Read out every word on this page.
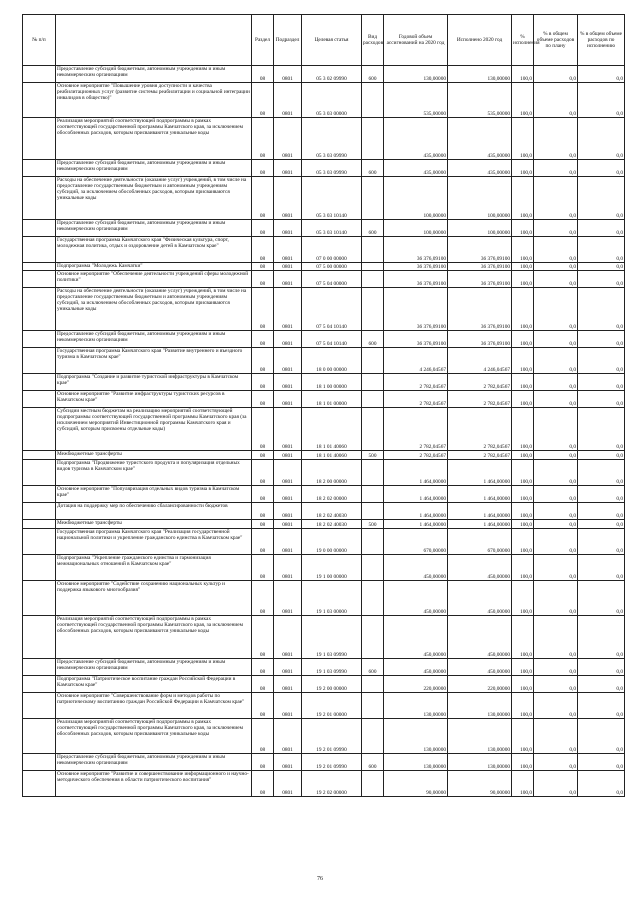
№ п/п		Раздел	Подраздел	Целевая статья	Вид расходов	Годовой объем ассигнований на 2020 год	Исполнено 2020 год	% исполнения	% в общем объеме расходов по плану	% в общем объеме расходов по исполнению
	Предоставление субсидий бюджетным, автономным учреждениям и иным некоммерческим организациям	08	0801	05 3 02 09990	600	130,00000	130,00000	100,0	0,0	0,0
	Основное мероприятие "Повышение уровня доступности и качества реабилитационных услуг (развитие системы реабилитации и социальной интеграции инвалидов в общество)"	08	0801	05 3 03 00000		535,00000	535,00000	100,0	0,0	0,0
	Реализация мероприятий соответствующей подпрограммы в рамках соответствующей государственной программы Камчатского края, за исключением обособленных расходов, которым присваиваются уникальные коды	08	0801	05 3 03 09990		435,00000	435,00000	100,0	0,0	0,0
	Предоставление субсидий бюджетным, автономным учреждениям и иным некоммерческим организациям	08	0801	05 3 03 09990	600	435,00000	435,00000	100,0	0,0	0,0
	Расходы на обеспечение деятельности (оказание услуг) учреждений, в том числе на предоставление государственным бюджетным и автономным учреждениям субсидий, за исключением обособленных расходов, которым присваиваются уникальные коды	08	0801	05 3 03 10140		100,00000	100,00000	100,0	0,0	0,0
	Предоставление субсидий бюджетным, автономным учреждениям и иным некоммерческим организациям	08	0801	05 3 03 10140	600	100,00000	100,00000	100,0	0,0	0,0
	Государственная программа Камчатского края "Физическая культура, спорт, молодежная политика, отдых и оздоровление детей в Камчатском крае"	08	0801	07 0 00 00000		36 376,09100	36 376,09100	100,0	0,0	0,0
	Подпрограмма "Молодежь Камчатки"	08	0801	07 5 00 00000		36 376,09100	36 376,09100	100,0	0,0	0,0
	Основное мероприятие "Обеспечение деятельности учреждений сферы молодежной политики"	08	0801	07 5 04 00000		36 376,09100	36 376,09100	100,0	0,0	0,0
	Расходы на обеспечение деятельности (оказание услуг) учреждений, в том числе на предоставление государственным бюджетным и автономным учреждениям субсидий, за исключением обособленных расходов, которым присваиваются уникальные коды	08	0801	07 5 04 10140		36 376,09100	36 376,09100	100,0	0,0	0,0
	Предоставление субсидий бюджетным, автономным учреждениям и иным некоммерческим организациям	08	0801	07 5 04 10140	600	36 376,09100	36 376,09100	100,0	0,0	0,0
	Государственная программа Камчатского края "Развитие внутреннего и въездного туризма в Камчатском крае"	08	0801	18 0 00 00000		4 246,04567	4 246,04567	100,0	0,0	0,0
	Подпрограмма "Создание и развитие туристской инфраструктуры в Камчатском крае"	08	0801	18 1 00 00000		2 782,04567	2 782,04567	100,0	0,0	0,0
	Основное мероприятие "Развитие инфраструктуры туристских ресурсов в Камчатском крае"	08	0801	18 1 01 00000		2 782,04567	2 782,04567	100,0	0,0	0,0
	Субсидии местным бюджетам на реализацию мероприятий соответствующей подпрограммы соответствующей государственной программы Камчатского края (за исключением мероприятий Инвестиционной программы Камчатского края и субсидий, которым присвоены отдельные коды)	08	0801	18 1 01 40060		2 782,04567	2 782,04567	100,0	0,0	0,0
	Межбюджетные трансферты	08	0801	18 1 01 40060	500	2 782,04567	2 782,04567	100,0	0,0	0,0
	Подпрограмма "Продвижение туристского продукта и популяризация отдельных видов туризма в Камчатском крае"	08	0801	18 2 00 00000		1 464,00000	1 464,00000	100,0	0,0	0,0
	Основное мероприятие "Популяризация отдельных видов туризма в Камчатском крае"	08	0801	18 2 02 00000		1 464,00000	1 464,00000	100,0	0,0	0,0
	Дотация на поддержку мер по обеспечению сбалансированности бюджетов	08	0801	18 2 02 40030		1 464,00000	1 464,00000	100,0	0,0	0,0
	Межбюджетные трансферты	08	0801	18 2 02 40030	500	1 464,00000	1 464,00000	100,0	0,0	0,0
	Государственная программа Камчатского края "Реализация государственной национальной политики и укрепление гражданского единства в Камчатском крае"	08	0801	19 0 00 00000		670,00000	670,00000	100,0	0,0	0,0
	Подпрограмма "Укрепление гражданского единства и гармонизация межнациональных отношений в Камчатском крае"	08	0801	19 1 00 00000		450,00000	450,00000	100,0	0,0	0,0
	Основное мероприятие "Содействие сохранению национальных культур и поддержка языкового многообразия"	08	0801	19 1 03 00000		450,00000	450,00000	100,0	0,0	0,0
	Реализация мероприятий соответствующей подпрограммы в рамках соответствующей государственной программы Камчатского края, за исключением обособленных расходов, которым присваиваются уникальные коды	08	0801	19 1 03 09990		450,00000	450,00000	100,0	0,0	0,0
	Предоставление субсидий бюджетным, автономным учреждениям и иным некоммерческим организациям	08	0801	19 1 03 09990	600	450,00000	450,00000	100,0	0,0	0,0
	Подпрограмма "Патриотическое воспитание граждан Российской Федерации в Камчатском крае"	08	0801	19 2 00 00000		220,00000	220,00000	100,0	0,0	0,0
	Основное мероприятие "Совершенствование форм и методов работы по патриотическому воспитанию граждан Российской Федерации в Камчатском крае"	08	0801	19 2 01 00000		130,00000	130,00000	100,0	0,0	0,0
	Реализация мероприятий соответствующей подпрограммы в рамках соответствующей государственной программы Камчатского края, за исключением обособленных расходов, которым присваиваются уникальные коды	08	0801	19 2 01 09990		130,00000	130,00000	100,0	0,0	0,0
	Предоставление субсидий бюджетным, автономным учреждениям и иным некоммерческим организациям	08	0801	19 2 01 09990	600	130,00000	130,00000	100,0	0,0	0,0
	Основное мероприятие "Развитие и совершенствование информационного и научно-методического обеспечения в области патриотического воспитания"	08	0801	19 2 02 00000		90,00000	90,00000	100,0	0,0	0,0
76
